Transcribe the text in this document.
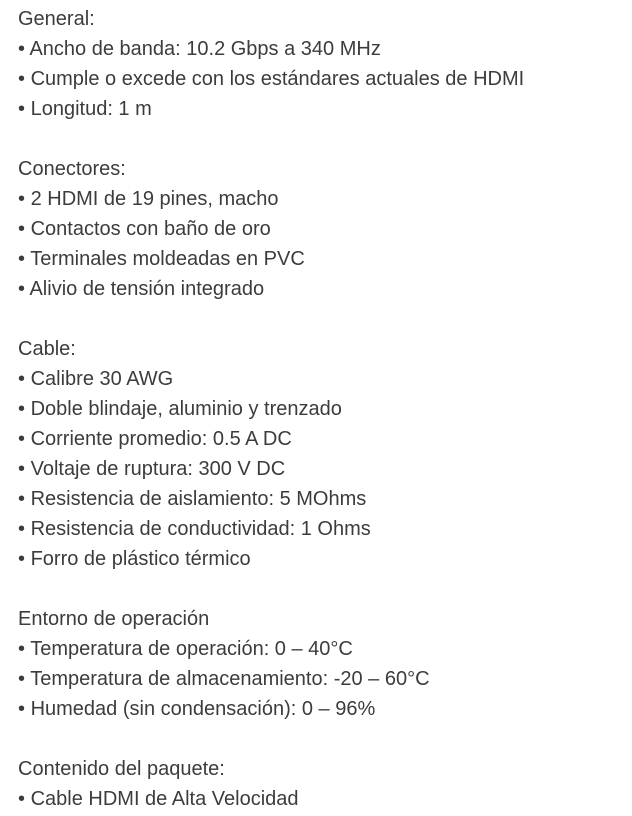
General:
• Ancho de banda: 10.2 Gbps a 340 MHz
• Cumple o excede con los estándares actuales de HDMI
• Longitud: 1 m
Conectores:
• 2 HDMI de 19 pines, macho
• Contactos con baño de oro
• Terminales moldeadas en PVC
• Alivio de tensión integrado
Cable:
• Calibre 30 AWG
• Doble blindaje, aluminio y trenzado
• Corriente promedio: 0.5 A DC
• Voltaje de ruptura: 300 V DC
• Resistencia de aislamiento: 5 MOhms
• Resistencia de conductividad: 1 Ohms
• Forro de plástico térmico
Entorno de operación
• Temperatura de operación: 0 – 40°C
• Temperatura de almacenamiento: -20 – 60°C
• Humedad (sin condensación): 0 – 96%
Contenido del paquete:
• Cable HDMI de Alta Velocidad
